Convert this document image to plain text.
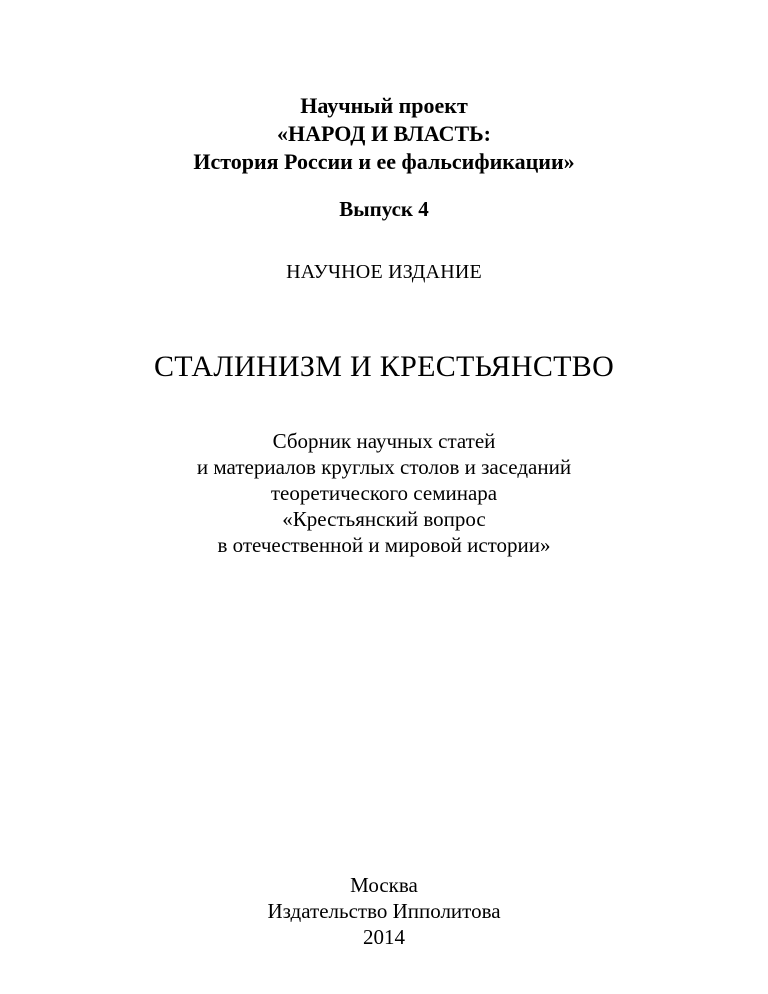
Научный проект
«НАРОД И ВЛАСТЬ:
История России и ее фальсификации»
Выпуск 4
НАУЧНОЕ ИЗДАНИЕ
СТАЛИНИЗМ И КРЕСТЬЯНСТВО
Сборник научных статей
и материалов круглых столов и заседаний
теоретического семинара
«Крестьянский вопрос
в отечественной и мировой истории»
Москва
Издательство Ипполитова
2014
